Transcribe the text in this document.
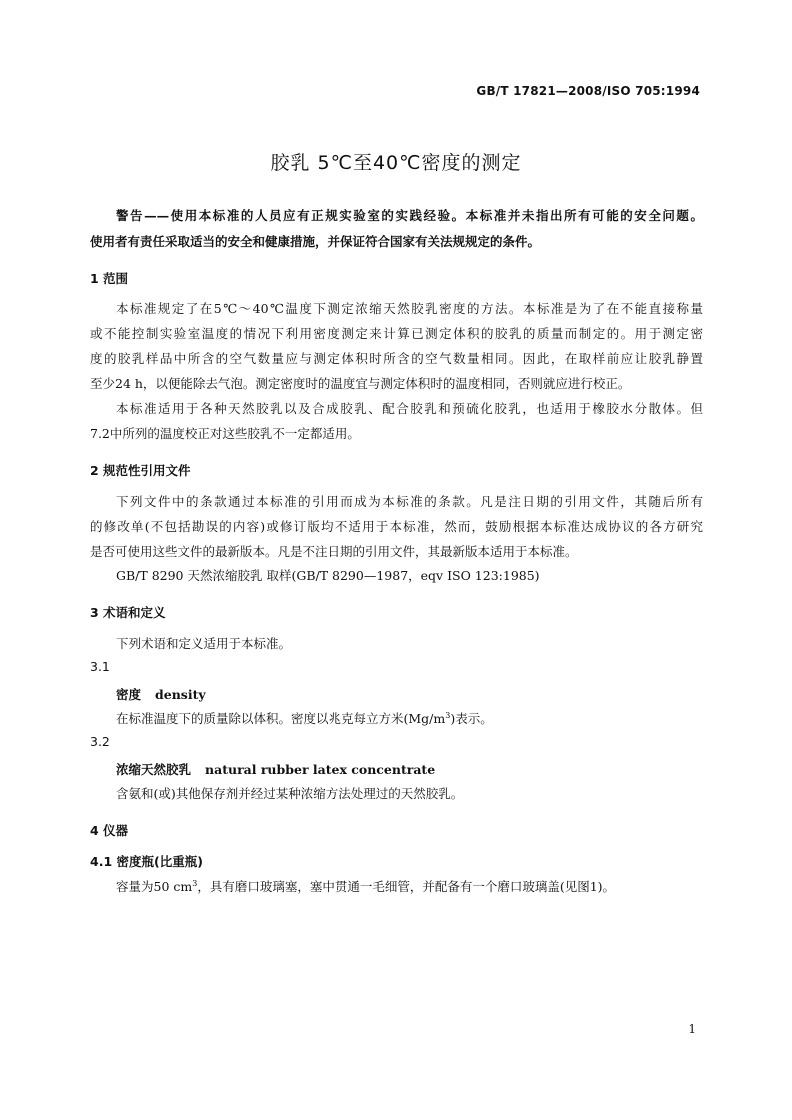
GB/T 17821—2008/ISO 705:1994
胶乳 5℃至40℃密度的测定
警告——使用本标准的人员应有正规实验室的实践经验。本标准并未指出所有可能的安全问题。
使用者有责任采取适当的安全和健康措施，并保证符合国家有关法规规定的条件。
1 范围
本标准规定了在5℃～40℃温度下测定浓缩天然胶乳密度的方法。本标准是为了在不能直接称量
或不能控制实验室温度的情况下利用密度测定来计算已测定体积的胶乳的质量而制定的。用于测定密
度的胶乳样品中所含的空气数量应与测定体积时所含的空气数量相同。因此，在取样前应让胶乳静置
至少24 h，以便能除去气泡。测定密度时的温度宜与测定体积时的温度相同，否则就应进行校正。
本标准适用于各种天然胶乳以及合成胶乳、配合胶乳和预硫化胶乳，也适用于橡胶水分散体。但
7.2中所列的温度校正对这些胶乳不一定都适用。
2 规范性引用文件
下列文件中的条款通过本标准的引用而成为本标准的条款。凡是注日期的引用文件，其随后所有
的修改单(不包括勘误的内容)或修订版均不适用于本标准，然而，鼓励根据本标准达成协议的各方研究
是否可使用这些文件的最新版本。凡是不注日期的引用文件，其最新版本适用于本标准。
GB/T 8290 天然浓缩胶乳 取样(GB/T 8290—1987，eqv ISO 123:1985)
3 术语和定义
下列术语和定义适用于本标准。
3.1
密度 density
在标准温度下的质量除以体积。密度以兆克每立方米$(Mg/m^3)$表示。
3.2
浓缩天然胶乳 natural rubber latex concentrate
含氨和(或)其他保存剂并经过某种浓缩方法处理过的天然胶乳。
4 仪器
4.1 密度瓶(比重瓶)
容量为50 $cm^3$，具有磨口玻璃塞，塞中贯通一毛细管，并配备有一个磨口玻璃盖(见图1)。
1
